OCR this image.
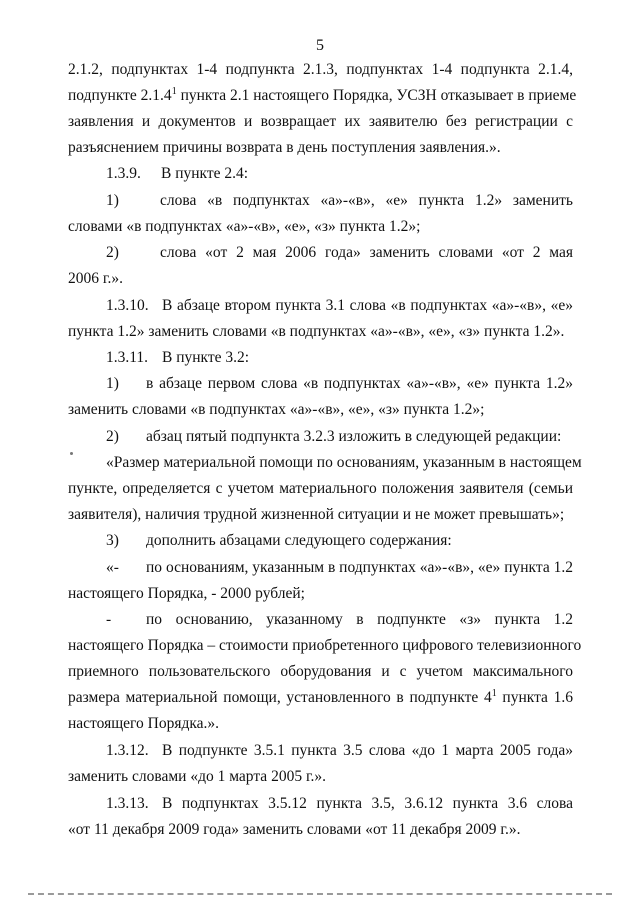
5
2.1.2, подпунктах 1-4 подпункта 2.1.3, подпунктах 1-4 подпункта 2.1.4,
подпункте 2.1.4$^1$ пункта 2.1 настоящего Порядка, УСЗН отказывает в приеме
заявления и документов и возвращает их заявителю без регистрации с
разъяснением причины возврата в день поступления заявления.».
1.3.9. В пункте 2.4:
1)	слова «в подпунктах «а»-«в», «е» пункта 1.2» заменить
словами «в подпунктах «а»-«в», «е», «з» пункта 1.2»;
2)	слова «от 2 мая 2006 года» заменить словами «от 2 мая
2006 г.».
1.3.10. В абзаце втором пункта 3.1 слова «в подпунктах «а»-«в», «е»
пункта 1.2» заменить словами «в подпунктах «а»-«в», «е», «з» пункта 1.2».
1.3.11. В пункте 3.2:
1) в абзаце первом слова «в подпунктах «а»-«в», «е» пункта 1.2»
заменить словами «в подпунктах «а»-«в», «е», «з» пункта 1.2»;
2) абзац пятый подпункта 3.2.3 изложить в следующей редакции:
«Размер материальной помощи по основаниям, указанным в настоящем
пункте, определяется с учетом материального положения заявителя (семьи
заявителя), наличия трудной жизненной ситуации и не может превышать»;
3) дополнить абзацами следующего содержания:
«- по основаниям, указанным в подпунктах «а»-«в», «е» пункта 1.2
настоящего Порядка, - 2000 рублей;
- по основанию, указанному в подпункте «з» пункта 1.2
настоящего Порядка – стоимости приобретенного цифрового телевизионного
приемного пользовательского оборудования и с учетом максимального
размера материальной помощи, установленного в подпункте $4^1$ пункта 1.6
настоящего Порядка.».
1.3.12. В подпункте 3.5.1 пункта 3.5 слова «до 1 марта 2005 года»
заменить словами «до 1 марта 2005 г.».
1.3.13. В подпунктах 3.5.12 пункта 3.5, 3.6.12 пункта 3.6 слова
«от 11 декабря 2009 года» заменить словами «от 11 декабря 2009 г.».
